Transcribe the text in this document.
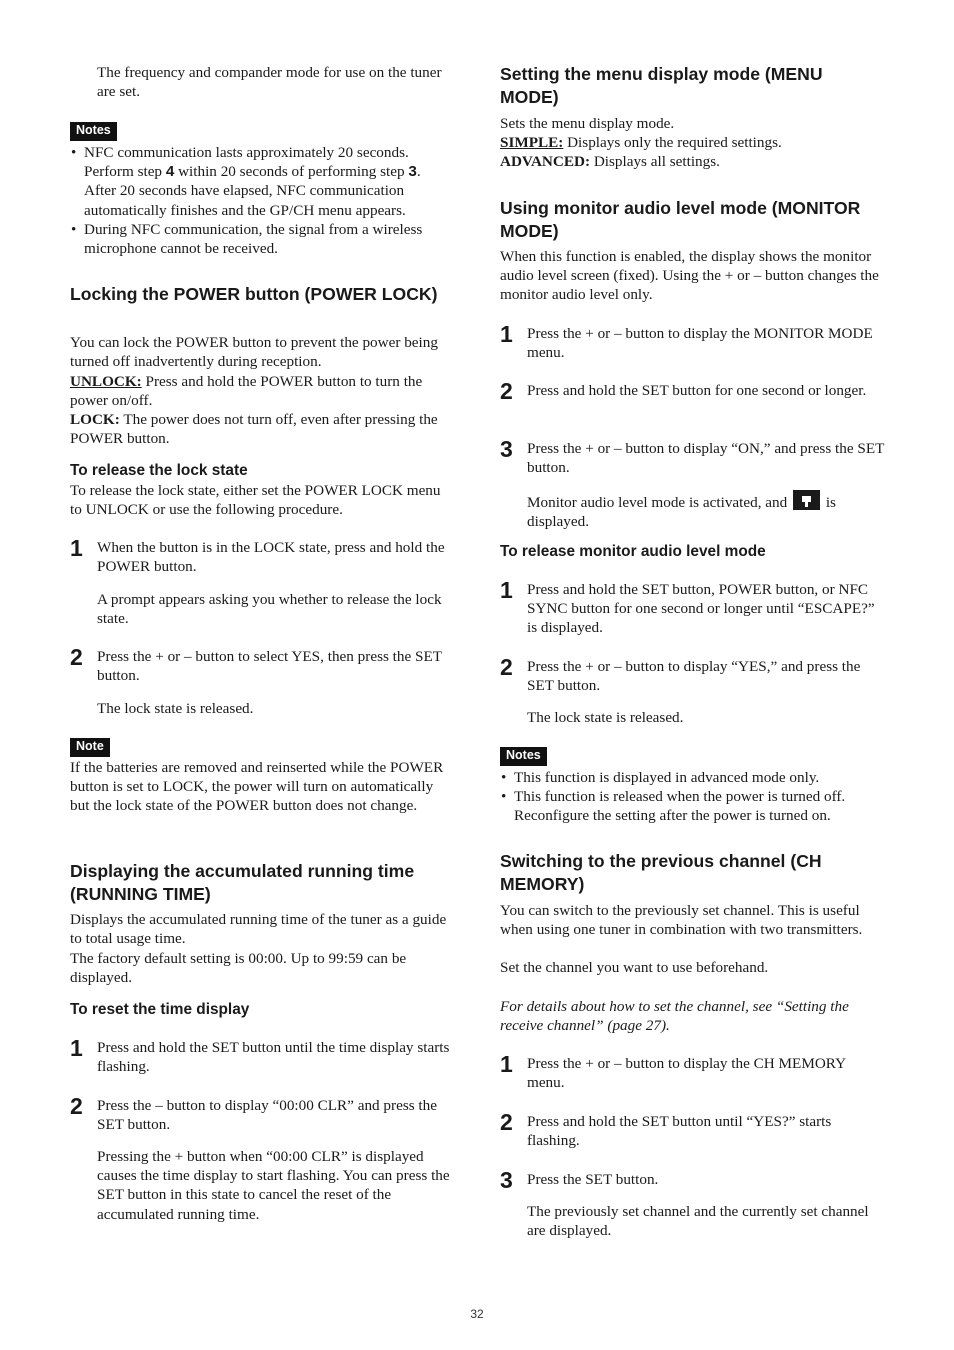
The frequency and compander mode for use on the tuner are set.

Notes
• NFC communication lasts approximately 20 seconds. Perform step 4 within 20 seconds of performing step 3. After 20 seconds have elapsed, NFC communication automatically finishes and the GP/CH menu appears.
• During NFC communication, the signal from a wireless microphone cannot be received.
Locking the POWER button (POWER LOCK)

You can lock the POWER button to prevent the power being turned off inadvertently during reception.

UNLOCK: Press and hold the POWER button to turn the power on/off.

LOCK: The power does not turn off, even after pressing the POWER button.

To release the lock state

To release the lock state, either set the POWER LOCK menu to UNLOCK or use the following procedure.

1 When the button is in the LOCK state, press and hold the POWER button.

A prompt appears asking you whether to release the lock state.

2 Press the + or – button to select YES, then press the SET button.

The lock state is released.

Note

If the batteries are removed and reinserted while the POWER button is set to LOCK, the power will turn on automatically but the lock state of the POWER button does not change.

Displaying the accumulated running time (RUNNING TIME)

Displays the accumulated running time of the tuner as a guide to total usage time.

The factory default setting is 00:00. Up to 99:59 can be displayed.

To reset the time display
1 Press and hold the SET button until the time display starts flashing.
2 Press the – button to display “00:00 CLR” and press the SET button.

Pressing the + button when “00:00 CLR” is displayed causes the time display to start flashing. You can press the SET button in this state to cancel the reset of the accumulated running time.

Setting the menu display mode (MENU MODE)

Sets the menu display mode.

SIMPLE: Displays only the required settings.

ADVANCED: Displays all settings.

Using monitor audio level mode (MONITOR MODE)

When this function is enabled, the display shows the monitor audio level screen (fixed). Using the + or – button changes the monitor audio level only.

1 Press the + or – button to display the MONITOR MODE menu.
2 Press and hold the SET button for one second or longer.
3 Press the + or – button to display “ON,” and press the SET button.

Monitor audio level mode is activated, and  is displayed.

To release monitor audio level mode
1 Press and hold the SET button, POWER button, or NFC SYNC button for one second or longer until “ESCAPE?” is displayed.
2 Press the + or – button to display “YES,” and press the SET button.

The lock state is released.

Notes
• This function is displayed in advanced mode only.
• This function is released when the power is turned off. Reconfigure the setting after the power is turned on.
Switching to the previous channel (CH MEMORY)

You can switch to the previously set channel. This is useful when using one tuner in combination with two transmitters.

Set the channel you want to use beforehand.

For details about how to set the channel, see “Setting the receive channel” (page 27).

1 Press the + or – button to display the CH MEMORY menu.
2 Press and hold the SET button until “YES?” starts flashing.
3 Press the SET button.

The previously set channel and the currently set channel are displayed.

32
